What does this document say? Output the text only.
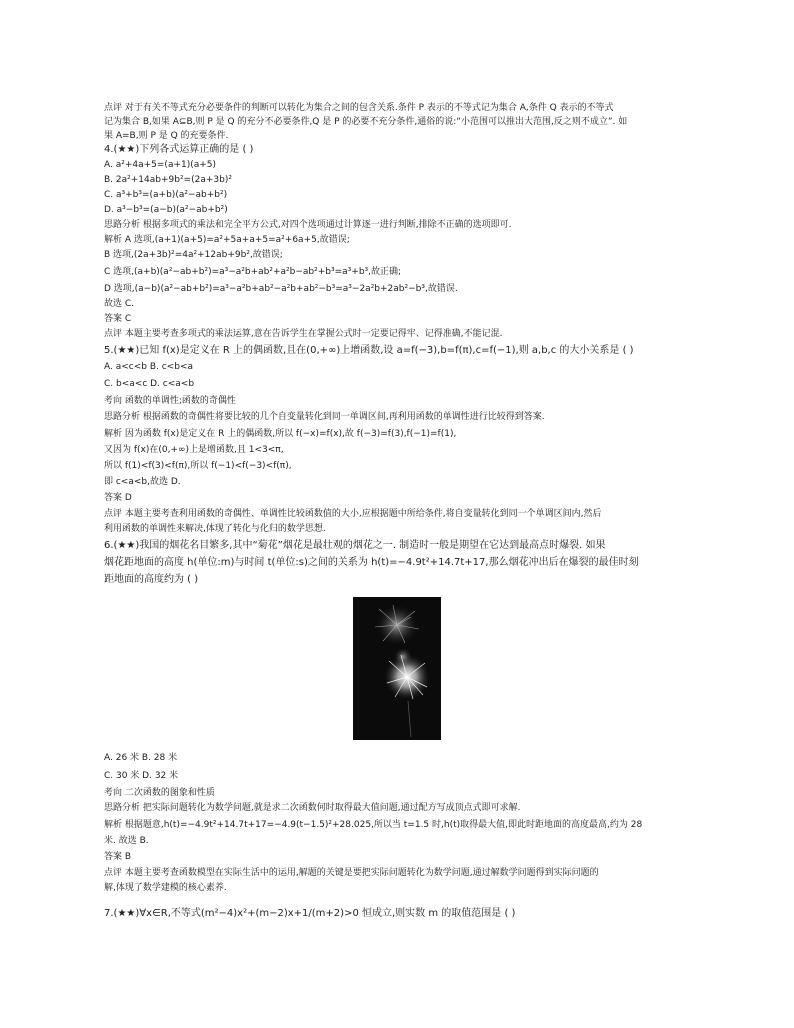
点评 对于有关不等式充分必要条件的判断可以转化为集合之间的包含关系.条件 P 表示的不等式记为集合 A,条件 Q 表示的不等式
记为集合 B,如果 A⊆B,则 P 是 Q 的充分不必要条件,Q 是 P 的必要不充分条件,通俗的说:“小范围可以推出大范围,反之则不成立”. 如
果 A=B,则 P 是 Q 的充要条件.
4.(★★)下列各式运算正确的是 ( )
A. a²+4a+5=(a+1)(a+5)
B. 2a²+14ab+9b²=(2a+3b)²
C. a³+b³=(a+b)(a²−ab+b²)
D. a³−b³=(a−b)(a²−ab+b²)
思路分析 根据多项式的乘法和完全平方公式,对四个选项通过计算逐一进行判断,排除不正确的选项即可.
解析 A 选项,(a+1)(a+5)=a²+5a+a+5=a²+6a+5,故错误;
B 选项,(2a+3b)²=4a²+12ab+9b²,故错误;
C 选项,(a+b)(a²−ab+b²)=a³−a²b+ab²+a²b−ab²+b³=a³+b³,故正确;
D 选项,(a−b)(a²−ab+b²)=a³−a²b+ab²−a²b+ab²−b³=a³−2a²b+2ab²−b³,故错误.
故选 C.
答案 C
点评 本题主要考查多项式的乘法运算,意在告诉学生在掌握公式时一定要记得牢、记得准确,不能记混.
5.(★★)已知 f(x)是定义在 R 上的偶函数,且在(0,+∞)上增函数,设 a=f(−3),b=f(π),c=f(−1),则 a,b,c 的大小关系是 ( )
A. a<c<b B. c<b<a
C. b<a<c D. c<a<b
考向 函数的单调性;函数的奇偶性
思路分析 根据函数的奇偶性将要比较的几个自变量转化到同一单调区间,再利用函数的单调性进行比较得到答案.
解析 因为函数 f(x)是定义在 R 上的偶函数,所以 f(−x)=f(x),故 f(−3)=f(3),f(−1)=f(1),
又因为 f(x)在(0,+∞)上是增函数,且 1<3<π,
所以 f(1)<f(3)<f(π),所以 f(−1)<f(−3)<f(π),
即 c<a<b,故选 D.
答案 D
点评 本题主要考查利用函数的奇偶性、单调性比较函数值的大小,应根据题中所给条件,将自变量转化到同一个单调区间内,然后
利用函数的单调性来解决,体现了转化与化归的数学思想.
6.(★★)我国的烟花名目繁多,其中“菊花”烟花是最壮观的烟花之一. 制造时一般是期望在它达到最高点时爆裂. 如果
烟花距地面的高度 h(单位:m)与时间 t(单位:s)之间的关系为 h(t)=−4.9t²+14.7t+17,那么烟花冲出后在爆裂的最佳时刻
距地面的高度约为 ( )
A. 26 米 B. 28 米
C. 30 米 D. 32 米
考向 二次函数的图象和性质
思路分析 把实际问题转化为数学问题,就是求二次函数何时取得最大值问题,通过配方写成顶点式即可求解.
解析 根据题意,h(t)=−4.9t²+14.7t+17=−4.9(t−1.5)²+28.025,所以当 t=1.5 时,h(t)取得最大值,即此时距地面的高度最高,约为 28
米. 故选 B.
答案 B
点评 本题主要考查函数模型在实际生活中的运用,解题的关键是要把实际问题转化为数学问题,通过解数学问题得到实际问题的
解,体现了数学建模的核心素养.
7.(★★)∀x∈R,不等式(m²−4)x²+(m−2)x+1/(m+2)>0 恒成立,则实数 m 的取值范围是 ( )
